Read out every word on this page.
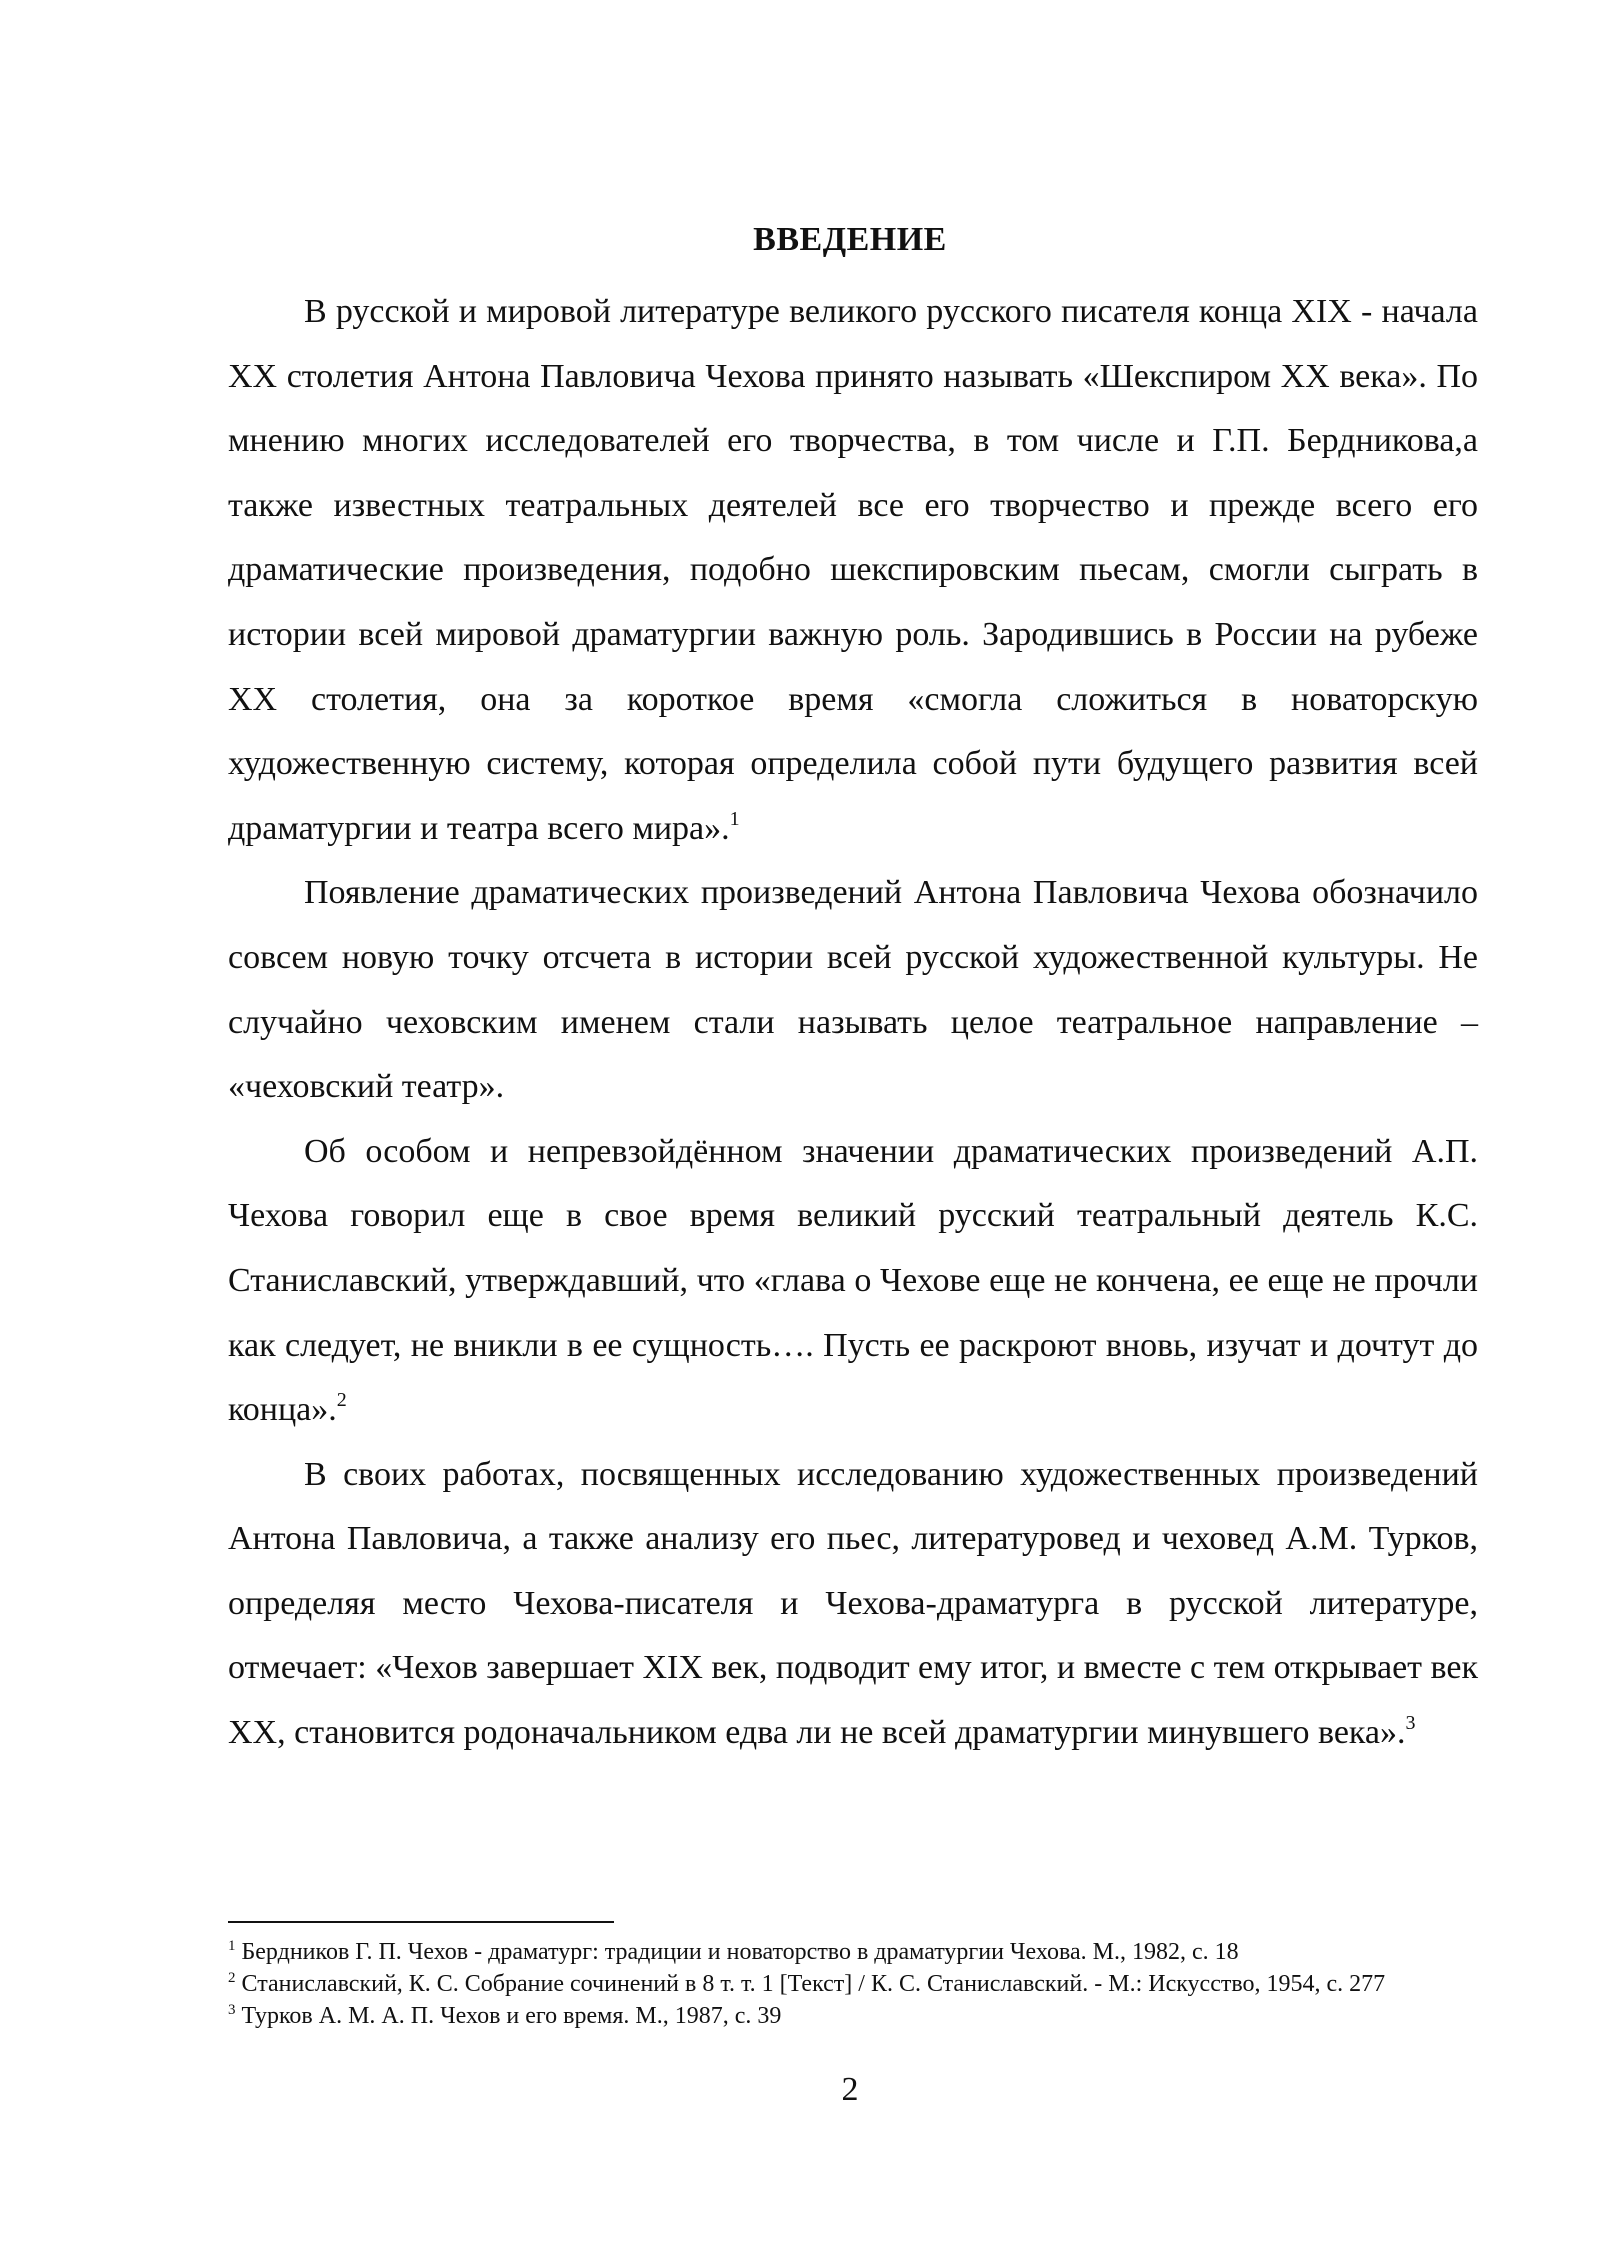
ВВЕДЕНИЕ

В русской и мировой литературе великого русского писателя конца XIX - начала XX столетия Антона Павловича Чехова принято называть «Шекспиром XX века». По мнению многих исследователей его творчества, в том числе и Г.П. Бердникова,а также известных театральных деятелей все его творчество и прежде всего его драматические произведения, подобно шекспировским пьесам, смогли сыграть в истории всей мировой драматургии важную роль. Зародившись в России на рубеже XX столетия, она за короткое время «смогла сложиться в новаторскую художественную систему, которая определила собой пути будущего развития всей драматургии и театра всего мира».$^1$

Появление драматических произведений Антона Павловича Чехова обозначило совсем новую точку отсчета в истории всей русской художественной культуры. Не случайно чеховским именем стали называть целое театральное направление – «чеховский театр».

Об особом и непревзойдённом значении драматических произведений А.П. Чехова говорил еще в свое время великий русский театральный деятель К.С. Станиславский, утверждавший, что «глава о Чехове еще не кончена, ее еще не прочли как следует, не вникли в ее сущность…. Пусть ее раскроют вновь, изучат и дочтут до конца».$^2$

В своих работах, посвященных исследованию художественных произведений Антона Павловича, а также анализу его пьес, литературовед и чеховед А.М. Турков, определяя место Чехова-писателя и Чехова-драматурга в русской литературе, отмечает: «Чехов завершает XIX век, подводит ему итог, и вместе с тем открывает век XX, становится родоначальником едва ли не всей драматургии минувшего века».$^3$

$^1$ Бердников Г. П. Чехов - драматург: традиции и новаторство в драматургии Чехова. М., 1982, с. 18

$^2$ Станиславский, К. С. Собрание сочинений в 8 т. т. 1 [Текст] / К. С. Станиславский. - М.: Искусство, 1954, с. 277

$^3$ Турков А. М. А. П. Чехов и его время. М., 1987, с. 39

2
